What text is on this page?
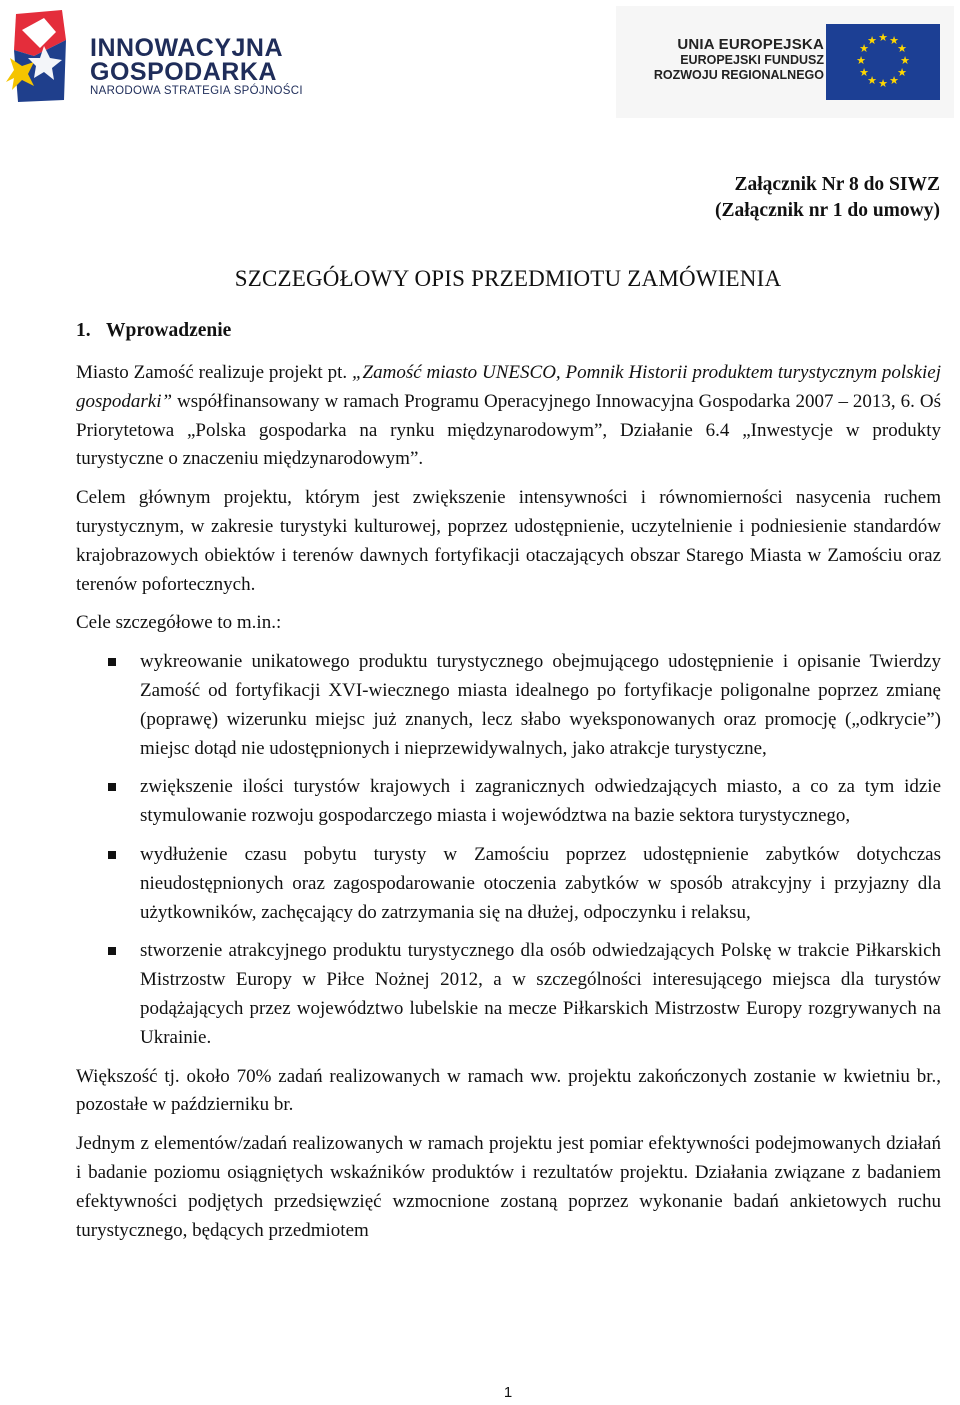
INNOWACYJNA
GOSPODARKA
NARODOWA STRATEGIA SPÓJNOŚCI
UNIA EUROPEJSKA
EUROPEJSKI FUNDUSZ
ROZWOJU REGIONALNEGO
★ ★
★
★
★
★
★
★
★
★
★
★
Załącznik Nr 8 do SIWZ
(Załącznik nr 1 do umowy)
SZCZEGÓŁOWY OPIS PRZEDMIOTU ZAMÓWIENIA
1. Wprowadzenie

Miasto Zamość realizuje projekt pt. „Zamość miasto UNESCO, Pomnik Historii produktem turystycznym polskiej gospodarki” współfinansowany w ramach Programu Operacyjnego Innowacyjna Gospodarka 2007 – 2013, 6. Oś Priorytetowa „Polska gospodarka na rynku międzynarodowym”, Działanie 6.4 „Inwestycje w produkty turystyczne o znaczeniu międzynarodowym”.

Celem głównym projektu, którym jest zwiększenie intensywności i równomierności nasycenia ruchem turystycznym, w zakresie turystyki kulturowej, poprzez udostępnienie, uczytelnienie i podniesienie standardów krajobrazowych obiektów i terenów dawnych fortyfikacji otaczających obszar Starego Miasta w Zamościu oraz terenów pofortecznych.

Cele szczegółowe to m.in.:

wykreowanie unikatowego produktu turystycznego obejmującego udostępnienie i opisanie Twierdzy Zamość od fortyfikacji XVI-wiecznego miasta idealnego po fortyfikacje poligonalne poprzez zmianę (poprawę) wizerunku miejsc już znanych, lecz słabo wyeksponowanych oraz promocję („odkrycie”) miejsc dotąd nie udostępnionych i nieprzewidywalnych, jako atrakcje turystyczne,
zwiększenie ilości turystów krajowych i zagranicznych odwiedzających miasto, a co za tym idzie stymulowanie rozwoju gospodarczego miasta i województwa na bazie sektora turystycznego,
wydłużenie czasu pobytu turysty w Zamościu poprzez udostępnienie zabytków dotychczas nieudostępnionych oraz zagospodarowanie otoczenia zabytków w sposób atrakcyjny i przyjazny dla użytkowników, zachęcający do zatrzymania się na dłużej, odpoczynku i relaksu,
stworzenie atrakcyjnego produktu turystycznego dla osób odwiedzających Polskę w trakcie Piłkarskich Mistrzostw Europy w Piłce Nożnej 2012, a w szczególności interesującego miejsca dla turystów podążających przez województwo lubelskie na mecze Piłkarskich Mistrzostw Europy rozgrywanych na Ukrainie.

Większość tj. około 70% zadań realizowanych w ramach ww. projektu zakończonych zostanie w kwietniu br., pozostałe w październiku br.

Jednym z elementów/zadań realizowanych w ramach projektu jest pomiar efektywności podejmowanych działań i badanie poziomu osiągniętych wskaźników produktów i rezultatów projektu. Działania związane z badaniem efektywności podjętych przedsięwzięć wzmocnione zostaną poprzez wykonanie badań ankietowych ruchu turystycznego, będących przedmiotem

1
